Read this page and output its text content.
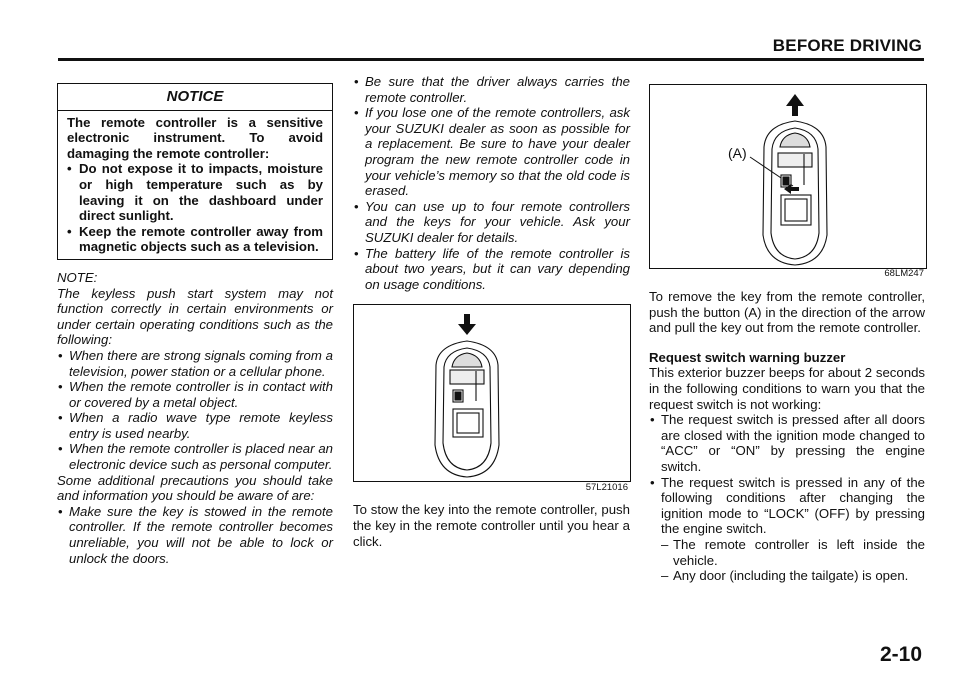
BEFORE DRIVING
NOTICE

The remote controller is a sensitive electronic instrument. To avoid damaging the remote controller:

• Do not expose it to impacts, moisture or high temperature such as by leaving it on the dashboard under direct sunlight.
• Keep the remote controller away from magnetic objects such as a television.

NOTE:

The keyless push start system may not function correctly in certain environments or under certain operating conditions such as the following:

• When there are strong signals coming from a television, power station or a cellular phone.
• When the remote controller is in contact with or covered by a metal object.
• When a radio wave type remote keyless entry is used nearby.
• When the remote controller is placed near an electronic device such as personal computer.

Some additional precautions you should take and information you should be aware of are:

• Make sure the key is stowed in the remote controller. If the remote controller becomes unreliable, you will not be able to lock or unlock the doors.
• Be sure that the driver always carries the remote controller.
• If you lose one of the remote controllers, ask your SUZUKI dealer as soon as possible for a replacement. Be sure to have your dealer program the new remote controller code in your vehicle’s memory so that the old code is erased.
• You can use up to four remote controllers and the keys for your vehicle. Ask your SUZUKI dealer for details.
• The battery life of the remote controller is about two years, but it can vary depending on usage conditions.
57L21016

To stow the key into the remote controller, push the key in the remote controller until you hear a click.

(A)
68LM247

To remove the key from the remote controller, push the button (A) in the direction of the arrow and pull the key out from the remote controller.

Request switch warning buzzer

This exterior buzzer beeps for about 2 seconds in the following conditions to warn you that the request switch is not working:

• The request switch is pressed after all doors are closed with the ignition mode changed to “ACC” or “ON” by pressing the engine switch.
• The request switch is pressed in any of the following conditions after changing the ignition mode to “LOCK” (OFF) by pressing the engine switch.
– The remote controller is left inside the vehicle.
– Any door (including the tailgate) is open.
2-10
